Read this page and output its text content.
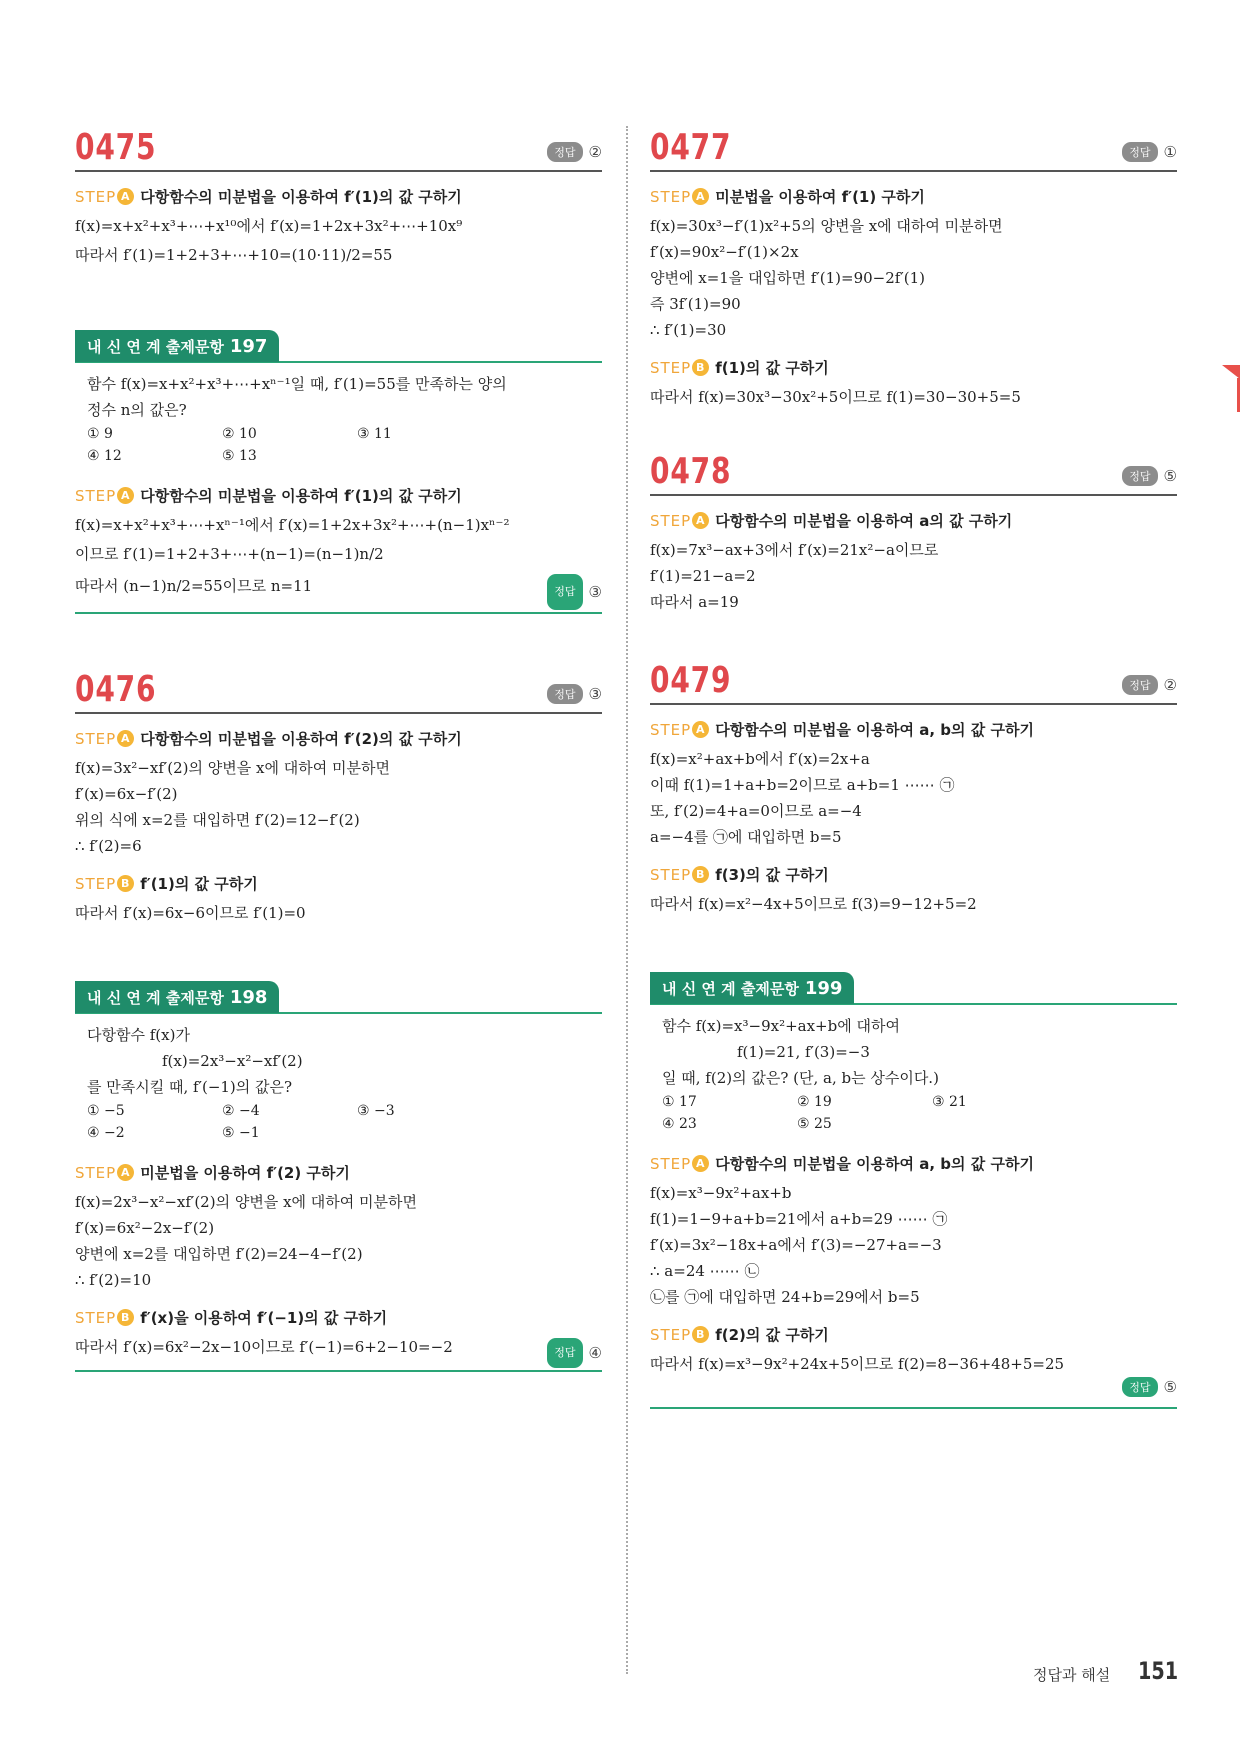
0475	정답 ②
STEP A 다항함수의 미분법을 이용하여 f′(1)의 값 구하기
f(x)=x+x²+x³+⋯+x¹⁰에서 f′(x)=1+2x+3x²+⋯+10x⁹
따라서 f′(1)=1+2+3+⋯+10=(10·11)/2=55
내 신 연 계 출제문항 197
함수 f(x)=x+x²+x³+⋯+xⁿ⁻¹일 때, f′(1)=55를 만족하는 양의
정수 n의 값은?
① 9	② 10	③ 11
④ 12	⑤ 13
STEP A 다항함수의 미분법을 이용하여 f′(1)의 값 구하기
f(x)=x+x²+x³+⋯+xⁿ⁻¹에서 f′(x)=1+2x+3x²+⋯+(n−1)xⁿ⁻²
이므로 f′(1)=1+2+3+⋯+(n−1)=(n−1)n/2
따라서 (n−1)n/2=55이므로 n=11	정답 ③
0476	정답 ③
STEP A 다항함수의 미분법을 이용하여 f′(2)의 값 구하기
f(x)=3x²−xf′(2)의 양변을 x에 대하여 미분하면
f′(x)=6x−f′(2)
위의 식에 x=2를 대입하면 f′(2)=12−f′(2)
∴ f′(2)=6
STEP B f′(1)의 값 구하기
따라서 f′(x)=6x−6이므로 f′(1)=0
내 신 연 계 출제문항 198
다항함수 f(x)가
f(x)=2x³−x²−xf′(2)
를 만족시킬 때, f′(−1)의 값은?
① −5	② −4	③ −3
④ −2	⑤ −1
STEP A 미분법을 이용하여 f′(2) 구하기
f(x)=2x³−x²−xf′(2)의 양변을 x에 대하여 미분하면
f′(x)=6x²−2x−f′(2)
양변에 x=2를 대입하면 f′(2)=24−4−f′(2)
∴ f′(2)=10
STEP B f′(x)을 이용하여 f′(−1)의 값 구하기
따라서 f′(x)=6x²−2x−10이므로 f′(−1)=6+2−10=−2	정답 ④
0477	정답 ①
STEP A 미분법을 이용하여 f′(1) 구하기
f(x)=30x³−f′(1)x²+5의 양변을 x에 대하여 미분하면
f′(x)=90x²−f′(1)×2x
양변에 x=1을 대입하면 f′(1)=90−2f′(1)
즉 3f′(1)=90
∴ f′(1)=30
STEP B f(1)의 값 구하기
따라서 f(x)=30x³−30x²+5이므로 f(1)=30−30+5=5
0478	정답 ⑤
STEP A 다항함수의 미분법을 이용하여 a의 값 구하기
f(x)=7x³−ax+3에서 f′(x)=21x²−a이므로
f′(1)=21−a=2
따라서 a=19
0479	정답 ②
STEP A 다항함수의 미분법을 이용하여 a, b의 값 구하기
f(x)=x²+ax+b에서 f′(x)=2x+a
이때 f(1)=1+a+b=2이므로 a+b=1 ⋯⋯ ㉠
또, f′(2)=4+a=0이므로 a=−4
a=−4를 ㉠에 대입하면 b=5
STEP B f(3)의 값 구하기
따라서 f(x)=x²−4x+5이므로 f(3)=9−12+5=2
내 신 연 계 출제문항 199
함수 f(x)=x³−9x²+ax+b에 대하여
f(1)=21, f′(3)=−3
일 때, f(2)의 값은? (단, a, b는 상수이다.)
① 17	② 19	③ 21
④ 23	⑤ 25
STEP A 다항함수의 미분법을 이용하여 a, b의 값 구하기
f(x)=x³−9x²+ax+b
f(1)=1−9+a+b=21에서 a+b=29 ⋯⋯ ㉠
f′(x)=3x²−18x+a에서 f′(3)=−27+a=−3
∴ a=24 ⋯⋯ ㉡
㉡를 ㉠에 대입하면 24+b=29에서 b=5
STEP B f(2)의 값 구하기
따라서 f(x)=x³−9x²+24x+5이므로 f(2)=8−36+48+5=25
정답 ⑤
정답과 해설 151
